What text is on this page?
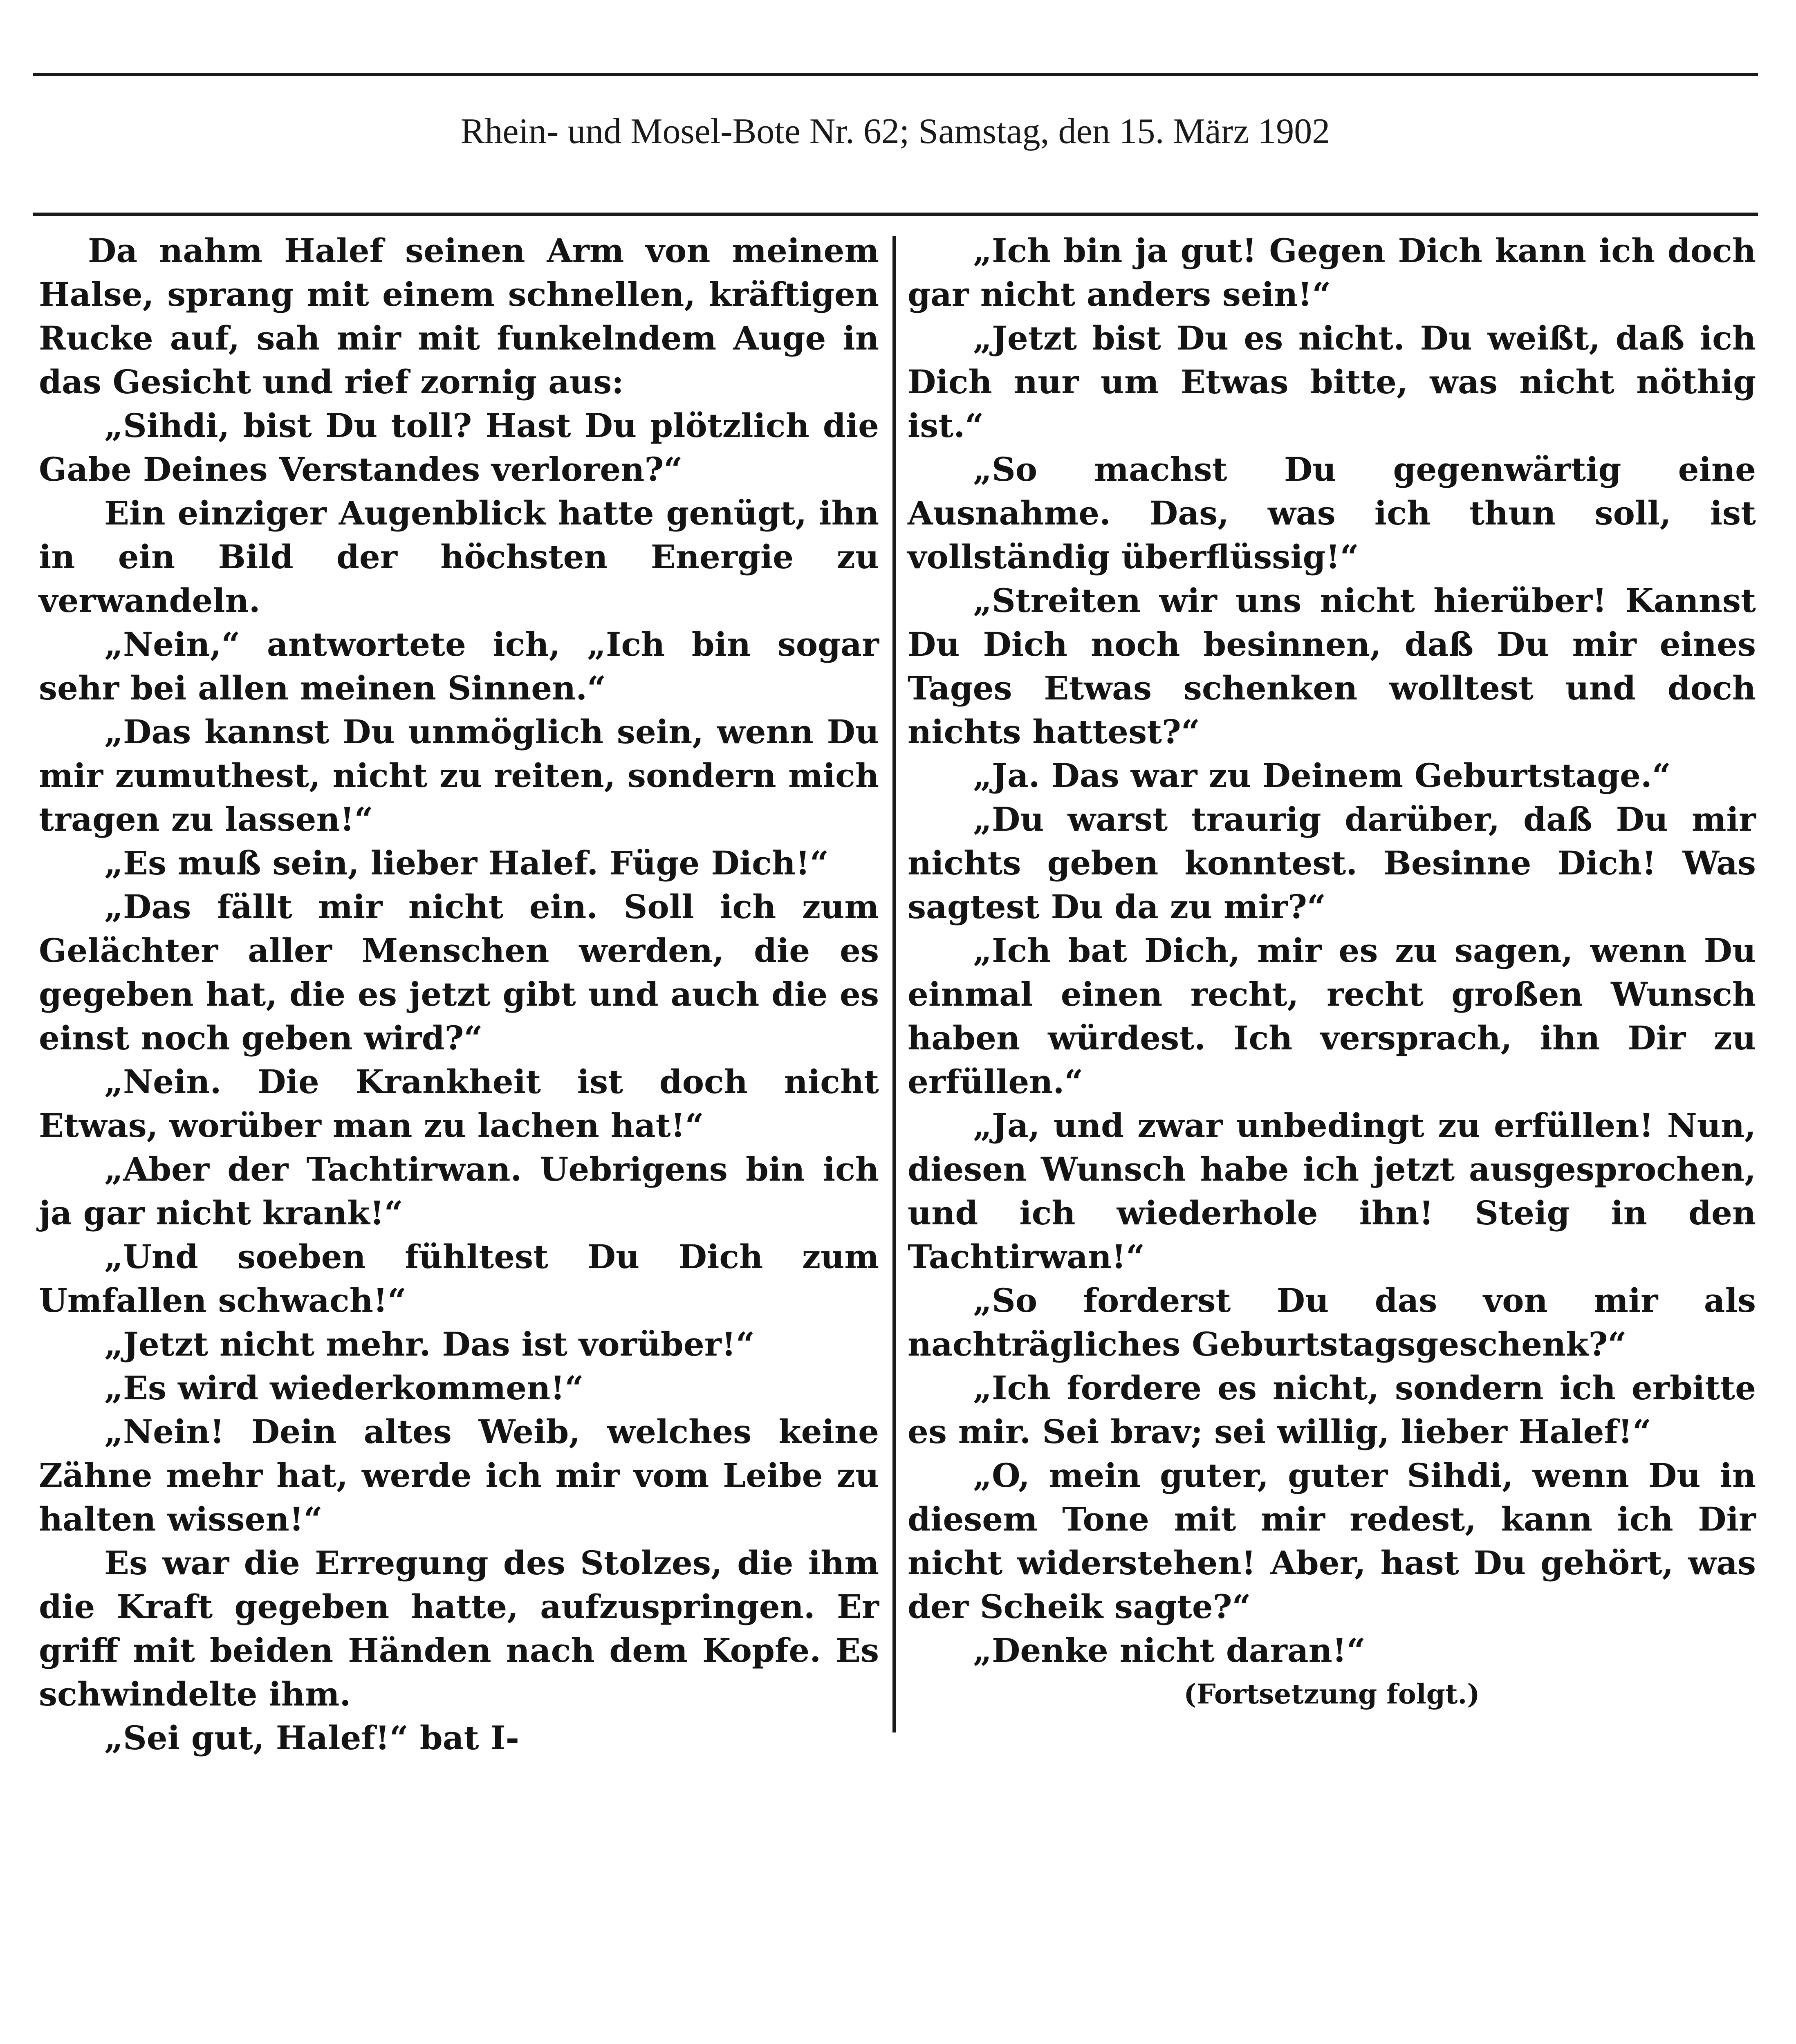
Rhein- und Mosel-Bote Nr. 62; Samstag, den 15. März 1902

Da nahm Halef seinen Arm von meinem Halse, sprang mit einem schnellen, kräftigen Rucke auf, sah mir mit funkelndem Auge in das Gesicht und rief zornig aus:

„Sihdi, bist Du toll? Hast Du plötzlich die Gabe Deines Verstandes verloren?“

Ein einziger Augenblick hatte genügt, ihn in ein Bild der höchsten Energie zu verwandeln.

„Nein,“ antwortete ich, „Ich bin sogar sehr bei allen meinen Sinnen.“

„Das kannst Du unmöglich sein, wenn Du mir zumuthest, nicht zu reiten, sondern mich tragen zu lassen!“

„Es muß sein, lieber Halef. Füge Dich!“

„Das fällt mir nicht ein. Soll ich zum Gelächter aller Menschen werden, die es gegeben hat, die es jetzt gibt und auch die es einst noch geben wird?“

„Nein. Die Krankheit ist doch nicht Etwas, worüber man zu lachen hat!“

„Aber der Tachtirwan. Uebrigens bin ich ja gar nicht krank!“

„Und soeben fühltest Du Dich zum Umfallen schwach!“

„Jetzt nicht mehr. Das ist vorüber!“

„Es wird wiederkommen!“

„Nein! Dein altes Weib, welches keine Zähne mehr hat, werde ich mir vom Leibe zu halten wissen!“

Es war die Erregung des Stolzes, die ihm die Kraft gegeben hatte, aufzuspringen. Er griff mit beiden Händen nach dem Kopfe. Es schwindelte ihm.

„Sei gut, Halef!“ bat I-

„Ich bin ja gut! Gegen Dich kann ich doch gar nicht anders sein!“

„Jetzt bist Du es nicht. Du weißt, daß ich Dich nur um Etwas bitte, was nicht nöthig ist.“

„So machst Du gegenwärtig eine Ausnahme. Das, was ich thun soll, ist vollständig überflüssig!“

„Streiten wir uns nicht hierüber! Kannst Du Dich noch besinnen, daß Du mir eines Tages Etwas schenken wolltest und doch nichts hattest?“

„Ja. Das war zu Deinem Geburtstage.“

„Du warst traurig darüber, daß Du mir nichts geben konntest. Besinne Dich! Was sagtest Du da zu mir?“

„Ich bat Dich, mir es zu sagen, wenn Du einmal einen recht, recht großen Wunsch haben würdest. Ich versprach, ihn Dir zu erfüllen.“

„Ja, und zwar unbedingt zu erfüllen! Nun, diesen Wunsch habe ich jetzt ausgesprochen, und ich wiederhole ihn! Steig in den Tachtirwan!“

„So forderst Du das von mir als nachträgliches Geburtstagsgeschenk?“

„Ich fordere es nicht, sondern ich erbitte es mir. Sei brav; sei willig, lieber Halef!“

„O, mein guter, guter Sihdi, wenn Du in diesem Tone mit mir redest, kann ich Dir nicht widerstehen! Aber, hast Du gehört, was der Scheik sagte?“

„Denke nicht daran!“

(Fortsetzung folgt.)
